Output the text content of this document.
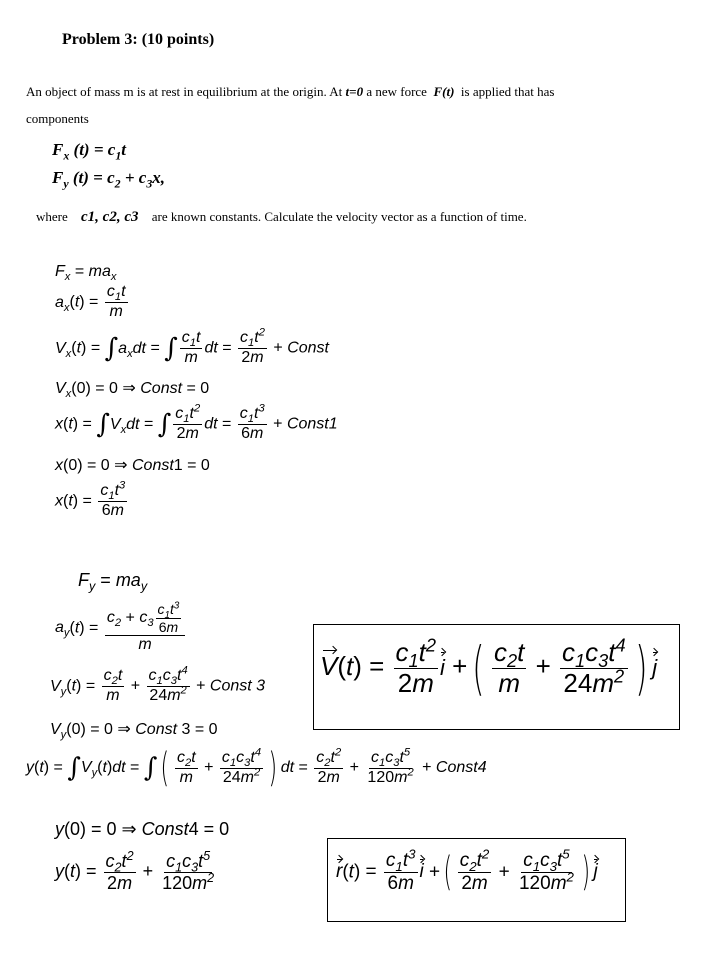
Problem 3: (10 points)
An object of mass m is at rest in equilibrium at the origin. At t=0 a new force F(t) is applied that has
components
$F_x$ $(t) = c_1t$
$F_y$ $(t) = c_2 + c_3x$,
where c1, c2, c3 are known constants. Calculate the velocity vector as a function of time.
$F_x = ma_x$
$a_x(t) = \frac{c_1t}{m}$
$V_x(t) = \int a_xdt$ = ∫ $\frac{c_1t}{m}$ dt = $\frac{c_1t^2}{2m}$ + Const
$V_x(0) = 0$ ⇒ Const = 0
$x(t) = \int V_xdt$ = ∫ $\frac{c_1t^2}{2m}$ dt = $\frac{c_1t^3}{6m}$ + Const1
x(0) = 0 ⇒ Const1 = 0
$x(t) = \frac{c_1t^3}{6m}$
$F_y = ma_y$
$a_y(t) = \frac{c_2 + c_3 \frac{c_1t^3}{6m}}{m}$
$V_y(t) = \frac{c_2t}{m} + \frac{c_1c_3t^4}{24m^2}$ + Const 3
$V_y(0) = 0$ ⇒ Const 3 = 0
$y(t) = \int V_y(t)dt$ = ∫( $\frac{c_2t}{m} + \frac{c_1c_3t^4}{24m^2}$ ) dt = $\frac{c_2t^2}{2m} + \frac{c_1c_3t^5}{120m^2}$ + Const4
y(0) = 0 ⇒ Const4 = 0
$y(t) = \frac{c_2t^2}{2m} + \frac{c_1c_3t^5}{120m^2}$
$V(t) = \frac{c_1t^2}{2m}$ i +( $\frac{c_2t}{m} + \frac{c_1c_3t^4}{24m^2}$ ) j
$r(t) = \frac{c_1t^3}{6m}$ i +( $\frac{c_2t^2}{2m} + \frac{c_1c_3t^5}{120m^2}$ ) j
